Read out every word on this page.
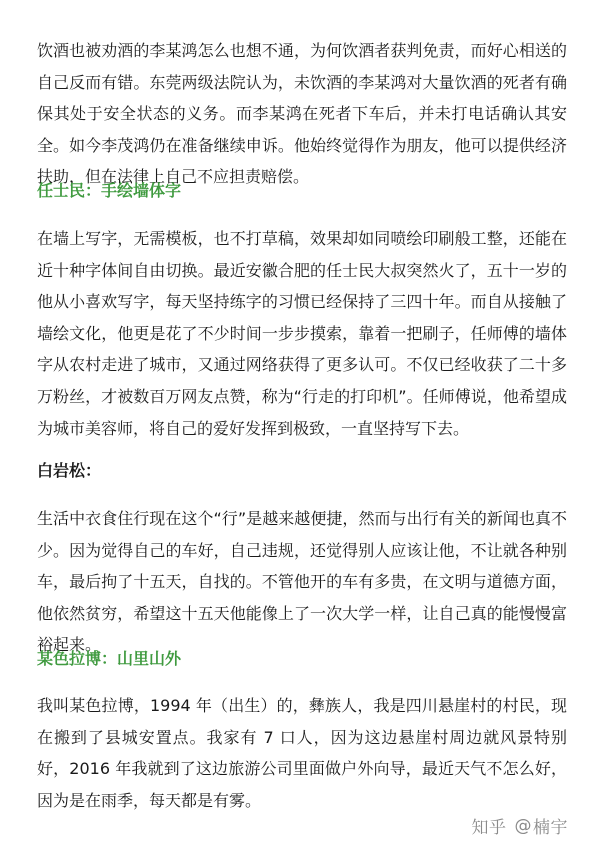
饮酒也被劝酒的李某鸿怎么也想不通，为何饮酒者获判免责，而好心相送的自己反而有错。东莞两级法院认为，未饮酒的李某鸿对大量饮酒的死者有确保其处于安全状态的义务。而李某鸿在死者下车后，并未打电话确认其安全。如今李茂鸿仍在准备继续申诉。他始终觉得作为朋友，他可以提供经济扶助，但在法律上自己不应担责赔偿。

任士民：手绘墙体字

在墙上写字，无需模板，也不打草稿，效果却如同喷绘印刷般工整，还能在近十种字体间自由切换。最近安徽合肥的任士民大叔突然火了，五十一岁的他从小喜欢写字，每天坚持练字的习惯已经保持了三四十年。而自从接触了墙绘文化，他更是花了不少时间一步步摸索，靠着一把刷子，任师傅的墙体字从农村走进了城市，又通过网络获得了更多认可。不仅已经收获了二十多万粉丝，才被数百万网友点赞，称为“行走的打印机”。任师傅说，他希望成为城市美容师，将自己的爱好发挥到极致，一直坚持写下去。

白岩松：

生活中衣食住行现在这个“行”是越来越便捷，然而与出行有关的新闻也真不少。因为觉得自己的车好，自己违规，还觉得别人应该让他，不让就各种别车，最后拘了十五天，自找的。不管他开的车有多贵，在文明与道德方面，他依然贫穷，希望这十五天他能像上了一次大学一样，让自己真的能慢慢富裕起来。

某色拉博：山里山外

我叫某色拉博，1994 年（出生）的，彝族人，我是四川悬崖村的村民，现在搬到了县城安置点。我家有 7 口人，因为这边悬崖村周边就风景特别好，2016 年我就到了这边旅游公司里面做户外向导，最近天气不怎么好，因为是在雨季，每天都是有雾。

知乎 @ 楠宇
